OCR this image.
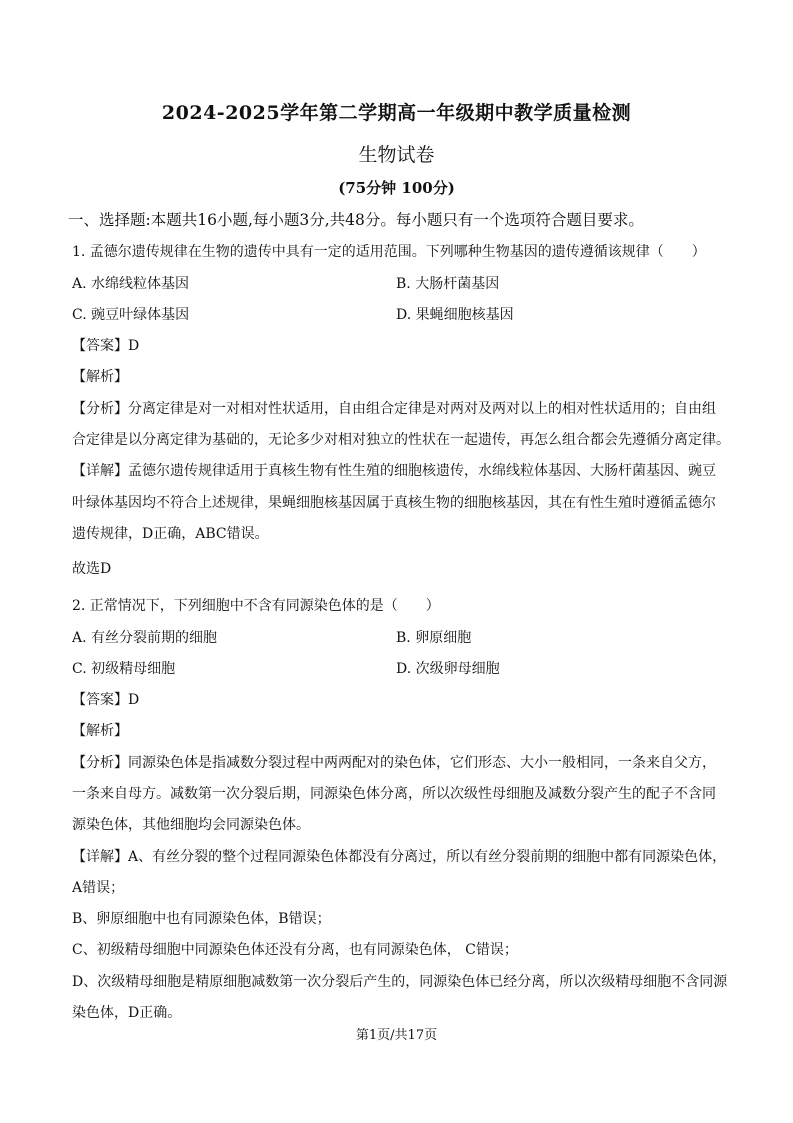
2024-2025学年第二学期高一年级期中教学质量检测
生物试卷
(75分钟 100分)
一、选择题:本题共16小题,每小题3分,共48分。每小题只有一个选项符合题目要求。
1. 孟德尔遗传规律在生物的遗传中具有一定的适用范围。下列哪种生物基因的遗传遵循该规律（　　）
A. 水绵线粒体基因	B. 大肠杆菌基因
C. 豌豆叶绿体基因	D. 果蝇细胞核基因
【答案】D
【解析】
【分析】分离定律是对一对相对性状适用，自由组合定律是对两对及两对以上的相对性状适用的；自由组
合定律是以分离定律为基础的，无论多少对相对独立的性状在一起遗传，再怎么组合都会先遵循分离定律。
【详解】孟德尔遗传规律适用于真核生物有性生殖的细胞核遗传，水绵线粒体基因、大肠杆菌基因、豌豆
叶绿体基因均不符合上述规律，果蝇细胞核基因属于真核生物的细胞核基因，其在有性生殖时遵循孟德尔
遗传规律，D正确，ABC错误。
故选D
2. 正常情况下，下列细胞中不含有同源染色体的是（　　）
A. 有丝分裂前期的细胞	B. 卵原细胞
C. 初级精母细胞	D. 次级卵母细胞
【答案】D
【解析】
【分析】同源染色体是指减数分裂过程中两两配对的染色体，它们形态、大小一般相同，一条来自父方，
一条来自母方。减数第一次分裂后期，同源染色体分离，所以次级性母细胞及减数分裂产生的配子不含同
源染色体，其他细胞均会同源染色体。
【详解】A、有丝分裂的整个过程同源染色体都没有分离过，所以有丝分裂前期的细胞中都有同源染色体，
A错误；
B、卵原细胞中也有同源染色体，B错误；
C、初级精母细胞中同源染色体还没有分离，也有同源染色体， C错误；
D、次级精母细胞是精原细胞减数第一次分裂后产生的，同源染色体已经分离，所以次级精母细胞不含同源
染色体，D正确。
第1页/共17页
